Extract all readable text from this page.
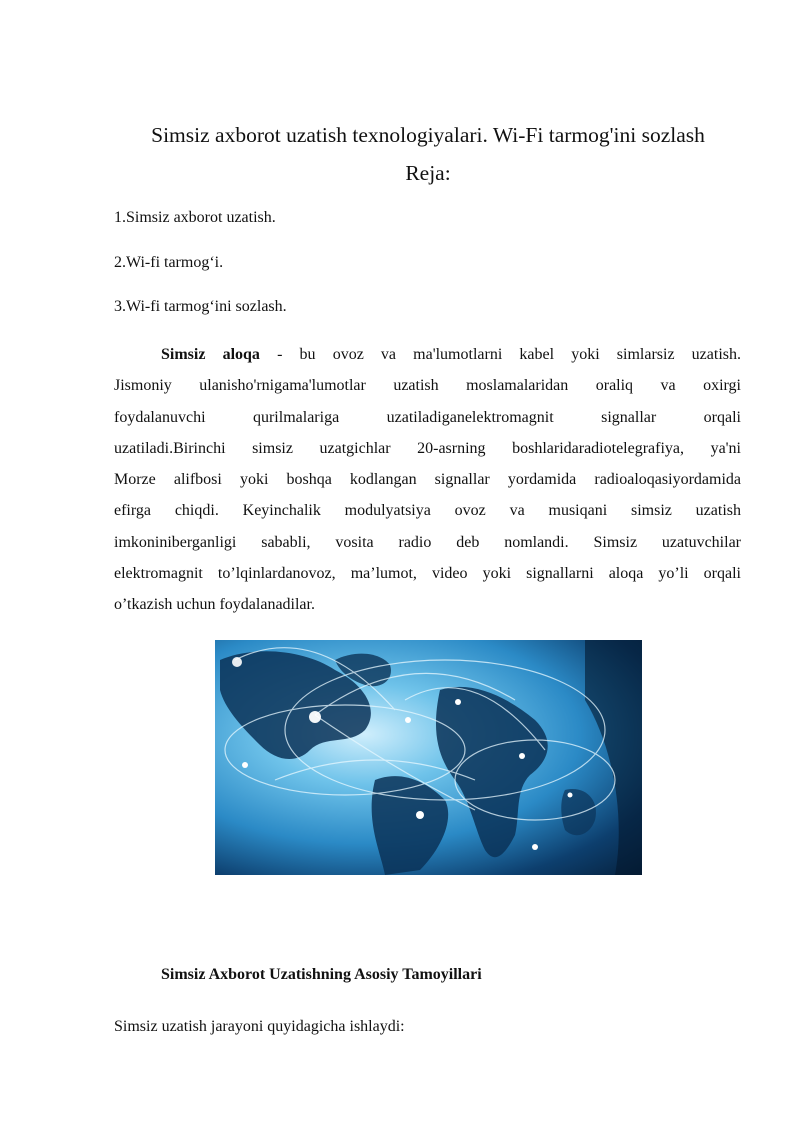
Simsiz axborot uzatish texnologiyalari. Wi-Fi tarmog'ini sozlash
Reja:
1.Simsiz axborot uzatish.
2.Wi-fi tarmog‘i.
3.Wi-fi tarmog‘ini sozlash.
Simsiz aloqa - bu ovoz va ma'lumotlarni kabel yoki simlarsiz uzatish.
Jismoniy ulanisho'rnigama'lumotlar uzatish moslamalaridan oraliq va oxirgi
foydalanuvchi qurilmalariga uzatiladiganelektromagnit signallar orqali
uzatiladi.Birinchi simsiz uzatgichlar 20-asrning boshlaridaradiotelegrafiya, ya'ni
Morze alifbosi yoki boshqa kodlangan signallar yordamida radioaloqasiyordamida
efirga chiqdi. Keyinchalik modulyatsiya ovoz va musiqani simsiz uzatish
imkoniniberganligi sababli, vosita radio deb nomlandi. Simsiz uzatuvchilar
elektromagnit to’lqinlardanovoz, ma’lumot, video yoki signallarni aloqa yo’li orqali
o’tkazish uchun foydalanadilar.
Simsiz Axborot Uzatishning Asosiy Tamoyillari
Simsiz uzatish jarayoni quyidagicha ishlaydi:
